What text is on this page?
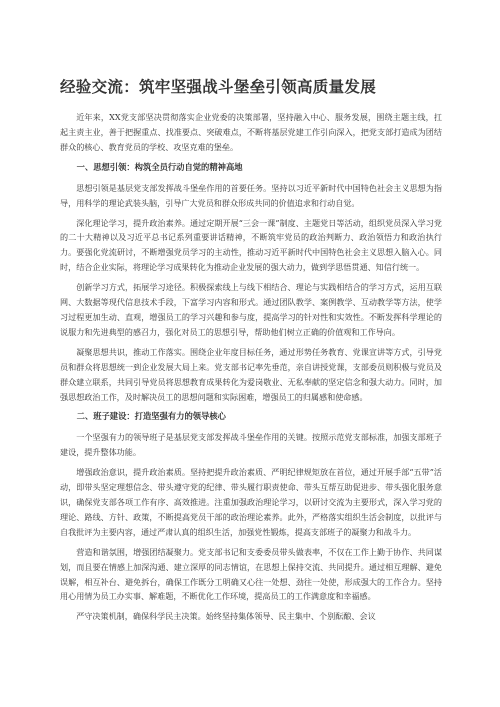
经验交流：筑牢坚强战斗堡垒引领高质量发展

近年来，XX党支部坚决贯彻落实企业党委的决策部署，坚持融入中心、服务发展，围绕主题主线，扛起主责主业，善于把握重点、找准要点、突破难点，不断将基层党建工作引向深入，把党支部打造成为团结群众的核心、教育党员的学校、攻坚克难的堡垒。

一、思想引领：构筑全员行动自觉的精神高地

思想引领是基层党支部发挥战斗堡垒作用的首要任务。坚持以习近平新时代中国特色社会主义思想为指导，用科学的理论武装头脑，引导广大党员和群众形成共同的价值追求和行动自觉。

深化理论学习，提升政治素养。通过定期开展“三会一课”制度、主题党日等活动，组织党员深入学习党的二十大精神以及习近平总书记系列重要讲话精神，不断筑牢党员的政治判断力、政治领悟力和政治执行力。要强化党流研讨，不断增强党员学习的主动性，推动习近平新时代中国特色社会主义思想入脑入心。同时，结合企业实际，将理论学习成果转化为推动企业发展的强大动力，做到学思悟贯通、知信行统一。

创新学习方式，拓展学习途径。积极探索线上与线下相结合、理论与实践相结合的学习方式，运用互联网、大数据等现代信息技术手段，下富学习内容和形式。通过团队教学、案例教学、互动教学等方法，使学习过程更加生动、直观，增强员工的学习兴趣和参与度，提高学习的针对性和实效性。不断发挥科学理论的说服力和先进典型的感召力，强化对员工的思想引导，帮助他们树立正确的价值观和工作导向。

凝聚思想共识，推动工作落实。围绕企业年度目标任务，通过形势任务教育、党课宣讲等方式，引导党员和群众将思想统一到企业发展大局上来。党支部书记率先垂范，亲自讲授党课，支部委员则积极与党员及群众建立联系，共同引导党员将思想教育成果转化为爱岗敬业、无私奉献的坚定信念和强大动力。同时，加强思想政治工作，及时解决员工的思想问题和实际困难，增强员工的归属感和使命感。

二、班子建设：打造坚强有力的领导核心

一个坚强有力的领导班子是基层党支部发挥战斗堡垒作用的关键。按照示范党支部标准，加强支部班子建设，提升整体功能。

增强政治意识，提升政治素质。坚持把提升政治素质、严明纪律规矩放在首位，通过开展手部“五带”活动，即带头坚定理想信念、带头遵守党的纪律、带头履行职责使命、带头互帮互助促进步、带头强化服务意识，确保党支部各项工作有序、高效推进。注重加强政治理论学习，以研讨交流为主要形式，深入学习党的理论、路线、方针、政策，不断提高党员干部的政治理论素养。此外，严格落实组织生活会制度，以批评与自我批评为主要内容，通过严肃认真的组织生活，加强党性锻炼，提高支部班子的凝聚力和战斗力。

营造和谐氛围，增强团结凝聚力。党支部书记和支委委员带头做表率，不仅在工作上勤于协作、共同谋划，而且要在情感上加深沟通、建立深厚的同志情谊，在思想上保持交流、共同提升。通过相互理解、避免误解，相互补台、避免拆台，确保工作既分工明确又心往一处想、劲往一处使，形成强大的工作合力。坚持用心用情为员工办实事、解难题，不断优化工作环境，提高员工的工作满意度和幸福感。

严守决策机制，确保科学民主决策。始终坚持集体领导、民主集中、个别酝酿、会议
